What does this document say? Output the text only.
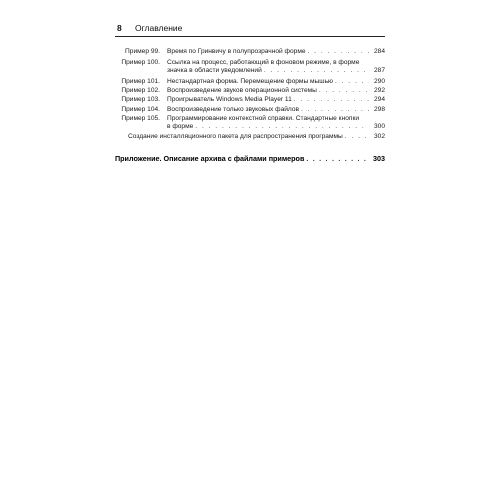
8 Оглавление
Пример 99. Время по Гринвичу в полупрозрачной форме . . .	284
Пример 100. Ссылка на процесс, работающий в фоновом режиме, в форме
значка в области уведомлений . . .	287
Пример 101. Нестандартная форма. Перемещение формы мышью . . .	290
Пример 102. Воспроизведение звуков операционной системы . . .	292
Пример 103. Проигрыватель Windows Media Player 11 . . .	294
Пример 104. Воспроизведение только звуковых файлов . . .	298
Пример 105. Программирование контекстной справки. Стандартные кнопки
в форме . . .	300
Создание инсталляционного пакета для распространения программы . . .	302
Приложение. Описание архива с файлами примеров . . .	303
